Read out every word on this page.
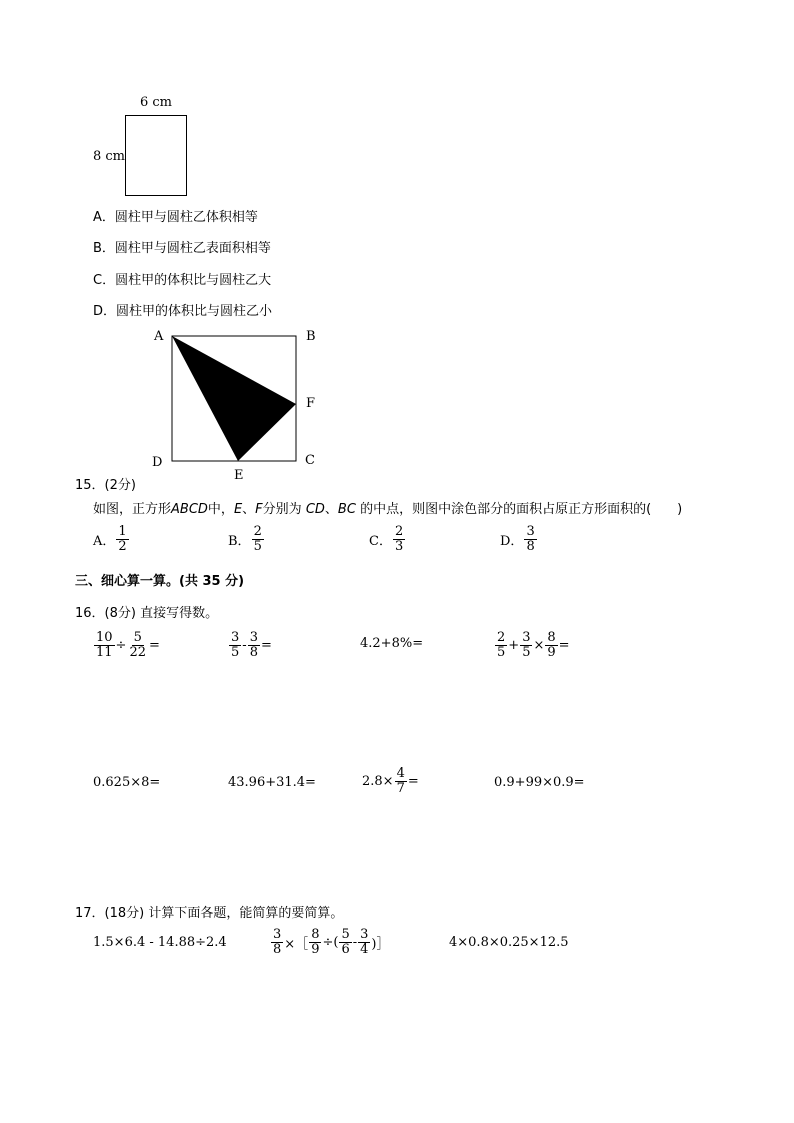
6 cm
8 cm
A．圆柱甲与圆柱乙体积相等
B．圆柱甲与圆柱乙表面积相等
C．圆柱甲的体积比与圆柱乙大
D．圆柱甲的体积比与圆柱乙小
A	B
C
D
E
F
15．(2分)
如图，正方形ABCD中，E、F分别为 CD、BC 的中点，则图中涂色部分的面积占原正方形面积的(　　)
A． $\frac{1}{2}$	B． $\frac{2}{5}$	C． $\frac{2}{3}$	D． $\frac{3}{8}$
三、细心算一算。(共 35 分)
16．(8分) 直接写得数。
$\frac{10}{11} \div \frac{5}{22}$ =	$\frac{3}{5} - \frac{3}{8}$ =	4.2+8%=	$\frac{2}{5} + \frac{3}{5} \times \frac{8}{9}$ =
0.625×8=	43.96+31.4=	$2.8\times \frac{4}{7}$ =	0.9+99×0.9=
17．(18分) 计算下面各题，能简算的要简算。
1.5×6.4 - 14.88÷2.4	$\frac{3}{8}$ ×［ $\frac{8}{9}$ ÷( $\frac{5}{6} - \frac{3}{4}$ )］	4×0.8×0.25×12.5
